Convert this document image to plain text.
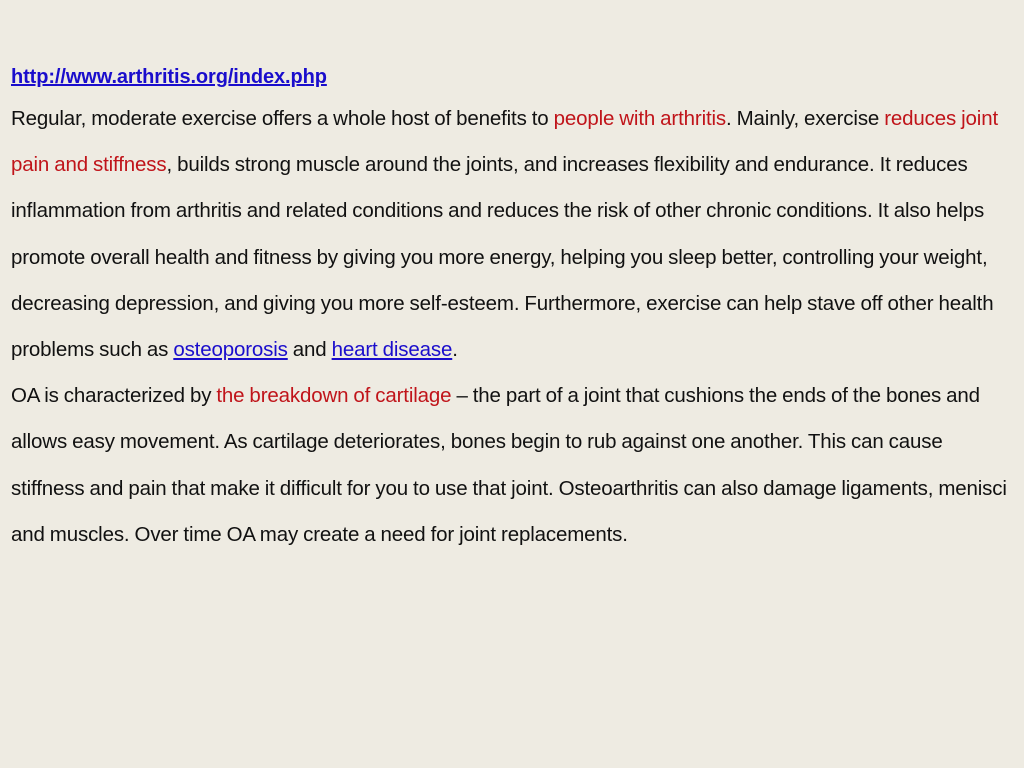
http://www.arthritis.org/index.php

Regular, moderate exercise offers a whole host of benefits to people with arthritis. Mainly, exercise reduces joint pain and stiffness, builds strong muscle around the joints, and increases flexibility and endurance. It reduces inflammation from arthritis and related conditions and reduces the risk of other chronic conditions. It also helps promote overall health and fitness by giving you more energy, helping you sleep better, controlling your weight, decreasing depression, and giving you more self-esteem. Furthermore, exercise can help stave off other health problems such as osteoporosis and heart disease.

OA is characterized by the breakdown of cartilage – the part of a joint that cushions the ends of the bones and allows easy movement. As cartilage deteriorates, bones begin to rub against one another. This can cause stiffness and pain that make it difficult for you to use that joint. Osteoarthritis can also damage ligaments, menisci and muscles. Over time OA may create a need for joint replacements.
